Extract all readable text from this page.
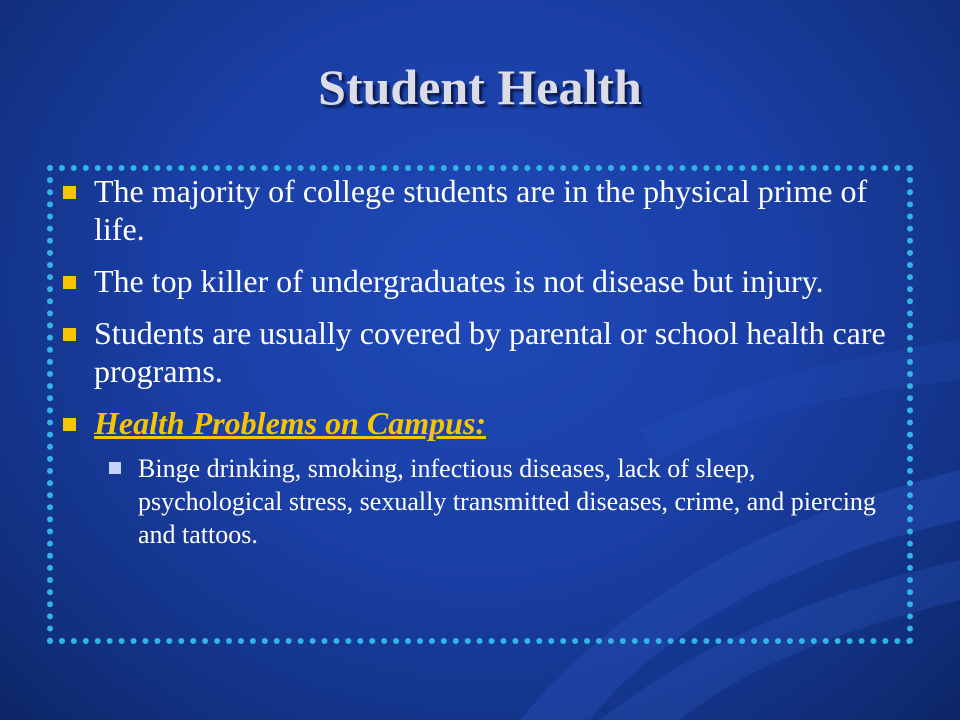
Student Health
The majority of college students are in the physical prime of life.
The top killer of undergraduates is not disease but injury.
Students are usually covered by parental or school health care programs.
Health Problems on Campus:
Binge drinking, smoking, infectious diseases, lack of sleep, psychological stress, sexually transmitted diseases, crime, and piercing and tattoos.
